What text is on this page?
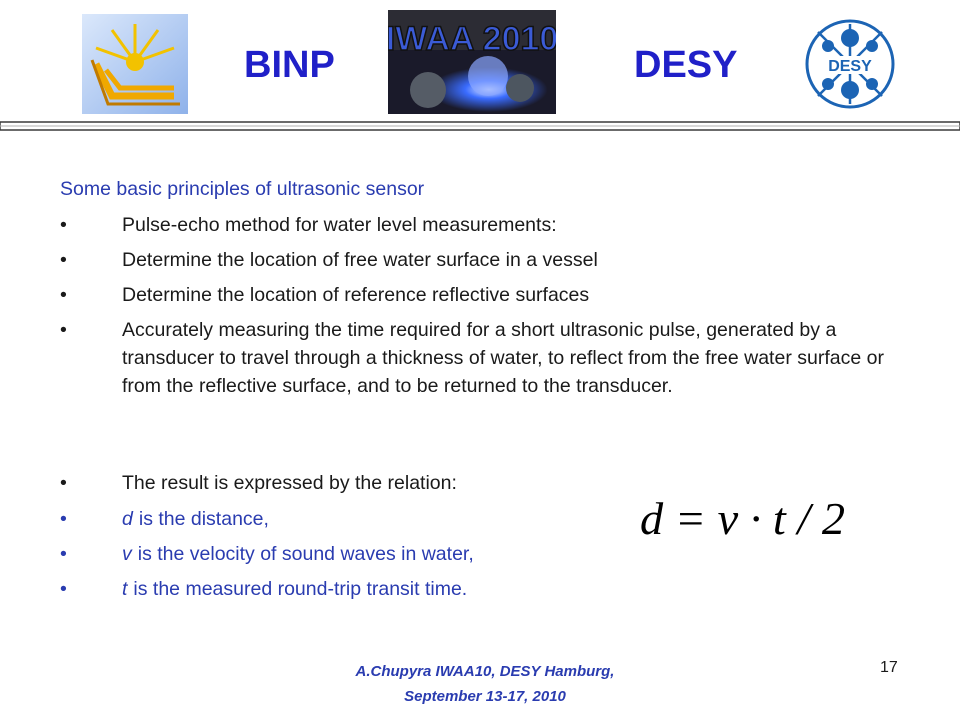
BINP
IWAA 2010
DESY	DESY
Some basic principles of ultrasonic sensor
•	Pulse-echo method for water level measurements:
•	Determine the location of free water surface in a vessel
•	Determine the location of reference reflective surfaces
•	Accurately measuring the time required for a short ultrasonic pulse, generated by a transducer to travel through a thickness of water, to reflect from the free water surface or from the reflective surface, and to be returned to the transducer.
•	The result is expressed by the relation:
•	d is the distance,
•	v is the velocity of sound waves in water,
•	t is the measured round-trip transit time.
d = v · t / 2
A.Chupyra IWAA10, DESY Hamburg,
September 13-17, 2010
17
